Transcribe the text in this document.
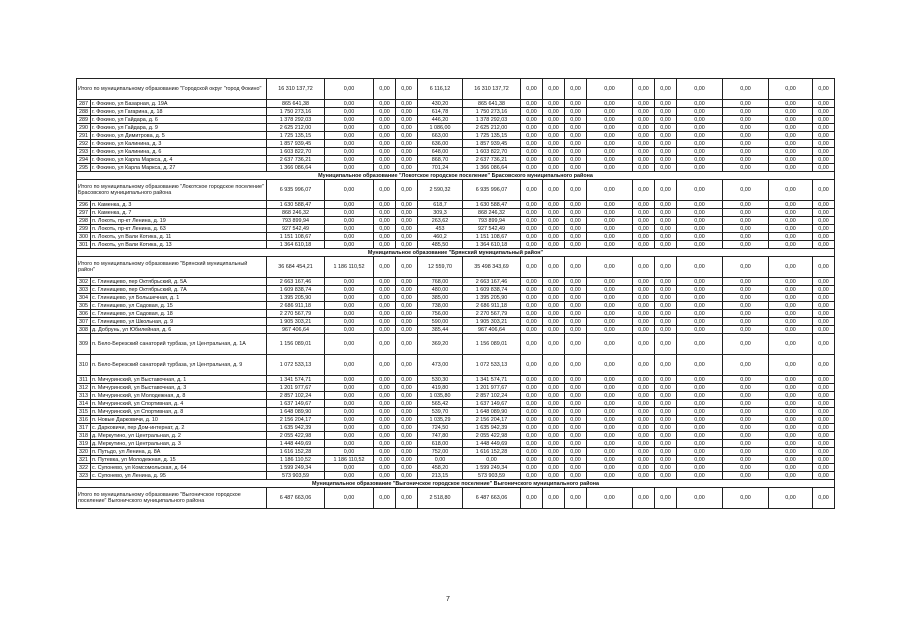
Итого по муниципальному образованию "Городской округ "город Фокино"		16 310 137,72	0,00	0,00	0,00	6 116,12	16 310 137,72	0,00	0,00	0,00	0,00	0,00	0,00	0,00	0,00	0,00	0,00
287	г. Фокино, ул Базарная, д. 19А	865 641,38	0,00	0,00	0,00	430,20	865 641,38	0,00	0,00	0,00	0,00	0,00	0,00	0,00	0,00	0,00	0,00
288	г. Фокино, ул Гагарина, д. 18	1 750 273,16	0,00	0,00	0,00	614,78	1 750 273,16	0,00	0,00	0,00	0,00	0,00	0,00	0,00	0,00	0,00	0,00
289	г. Фокино, ул Гайдара, д. 6	1 378 292,03	0,00	0,00	0,00	446,20	1 378 292,03	0,00	0,00	0,00	0,00	0,00	0,00	0,00	0,00	0,00	0,00
290	г. Фокино, ул Гайдара, д. 9	2 625 212,00	0,00	0,00	0,00	1 086,00	2 625 212,00	0,00	0,00	0,00	0,00	0,00	0,00	0,00	0,00	0,00	0,00
291	г. Фокино, ул Димитрова, д. 5	1 725 135,15	0,00	0,00	0,00	663,00	1 725 135,15	0,00	0,00	0,00	0,00	0,00	0,00	0,00	0,00	0,00	0,00
292	г. Фокино, ул Калинина, д. 3	1 857 939,45	0,00	0,00	0,00	636,00	1 857 939,45	0,00	0,00	0,00	0,00	0,00	0,00	0,00	0,00	0,00	0,00
293	г. Фокино, ул Калинина, д. 6	1 603 822,70	0,00	0,00	0,00	648,00	1 603 822,70	0,00	0,00	0,00	0,00	0,00	0,00	0,00	0,00	0,00	0,00
294	г. Фокино, ул Карла Маркса, д. 4	2 637 736,21	0,00	0,00	0,00	868,70	2 637 736,21	0,00	0,00	0,00	0,00	0,00	0,00	0,00	0,00	0,00	0,00
295	г. Фокино, ул Карла Маркса, д. 27	1 366 086,64	0,00	0,00	0,00	701,24	1 366 086,64	0,00	0,00	0,00	0,00	0,00	0,00	0,00	0,00	0,00	0,00
Муниципальное образование "Локотское городское поселение" Брасовского муниципального района																	
Итого по муниципальному образованию "Локотское городское поселение" Брасовского муниципального района		6 935 996,07	0,00	0,00	0,00	2 590,32	6 935 996,07	0,00	0,00	0,00	0,00	0,00	0,00	0,00	0,00	0,00	0,00
296	п. Каменка, д. 3	1 630 588,47	0,00	0,00	0,00	618,7	1 630 588,47	0,00	0,00	0,00	0,00	0,00	0,00	0,00	0,00	0,00	0,00
297	п. Каменка, д. 7	868 246,32	0,00	0,00	0,00	309,3	868 246,32	0,00	0,00	0,00	0,00	0,00	0,00	0,00	0,00	0,00	0,00
298	п. Локоть, пр-кт Ленина, д. 19	793 899,94	0,00	0,00	0,00	263,62	793 899,94	0,00	0,00	0,00	0,00	0,00	0,00	0,00	0,00	0,00	0,00
299	п. Локоть, пр-кт Ленина, д. 63	927 542,49	0,00	0,00	0,00	453	927 542,49	0,00	0,00	0,00	0,00	0,00	0,00	0,00	0,00	0,00	0,00
300	п. Локоть, ул Вали Котика, д. 11	1 151 108,67	0,00	0,00	0,00	460,2	1 151 108,67	0,00	0,00	0,00	0,00	0,00	0,00	0,00	0,00	0,00	0,00
301	п. Локоть, ул Вали Котика, д. 13	1 364 610,18	0,00	0,00	0,00	485,50	1 364 610,18	0,00	0,00	0,00	0,00	0,00	0,00	0,00	0,00	0,00	0,00
Муниципальное образование "Брянский муниципальный район"																	
Итого по муниципальному образованию "Брянский муниципальный район"		36 684 454,21	1 186 110,52	0,00	0,00	12 559,70	35 498 343,69	0,00	0,00	0,00	0,00	0,00	0,00	0,00	0,00	0,00	0,00
302	с. Глинищево, пер Октябрьский, д. 5А	2 663 167,46	0,00	0,00	0,00	768,00	2 663 167,46	0,00	0,00	0,00	0,00	0,00	0,00	0,00	0,00	0,00	0,00
303	с. Глинищево, пер Октябрьский, д. 7А	1 609 838,74	0,00	0,00	0,00	480,00	1 609 838,74	0,00	0,00	0,00	0,00	0,00	0,00	0,00	0,00	0,00	0,00
304	с. Глинищево, ул Большечная, д. 1	1 395 205,90	0,00	0,00	0,00	385,00	1 395 205,90	0,00	0,00	0,00	0,00	0,00	0,00	0,00	0,00	0,00	0,00
305	с. Глинищево, ул Садовая, д. 15	2 686 911,18	0,00	0,00	0,00	738,00	2 686 911,18	0,00	0,00	0,00	0,00	0,00	0,00	0,00	0,00	0,00	0,00
306	с. Глинищево, ул Садовая, д. 18	2 270 567,79	0,00	0,00	0,00	756,00	2 270 567,79	0,00	0,00	0,00	0,00	0,00	0,00	0,00	0,00	0,00	0,00
307	с. Глинищево, ул Школьная, д. 9	1 905 303,21	0,00	0,00	0,00	590,00	1 905 303,21	0,00	0,00	0,00	0,00	0,00	0,00	0,00	0,00	0,00	0,00
308	д. Добрунь, ул Юбилейная, д. 6	967 406,64	0,00	0,00	0,00	385,44	967 406,64	0,00	0,00	0,00	0,00	0,00	0,00	0,00	0,00	0,00	0,00
309	п. Бело-Березский санаторий турбаза, ул Центральная, д. 1А	1 156 089,01	0,00	0,00	0,00	369,20	1 156 089,01	0,00	0,00	0,00	0,00	0,00	0,00	0,00	0,00	0,00	0,00
310	п. Бело-Березский санаторий турбаза, ул Центральная, д. 9	1 072 533,13	0,00	0,00	0,00	473,00	1 072 533,13	0,00	0,00	0,00	0,00	0,00	0,00	0,00	0,00	0,00	0,00
311	п. Мичуринский, ул Выставочная, д. 1	1 341 574,71	0,00	0,00	0,00	530,30	1 341 574,71	0,00	0,00	0,00	0,00	0,00	0,00	0,00	0,00	0,00	0,00
312	п. Мичуринский, ул Выставочная, д. 3	1 201 977,67	0,00	0,00	0,00	419,80	1 201 977,67	0,00	0,00	0,00	0,00	0,00	0,00	0,00	0,00	0,00	0,00
313	п. Мичуринский, ул Молодежная, д. 8	2 857 102,24	0,00	0,00	0,00	1 035,80	2 857 102,24	0,00	0,00	0,00	0,00	0,00	0,00	0,00	0,00	0,00	0,00
314	п. Мичуринский, ул Спортивная, д. 4	1 637 149,67	0,00	0,00	0,00	565,42	1 637 149,67	0,00	0,00	0,00	0,00	0,00	0,00	0,00	0,00	0,00	0,00
315	п. Мичуринский, ул Спортивная, д. 8	1 648 089,90	0,00	0,00	0,00	539,70	1 648 089,90	0,00	0,00	0,00	0,00	0,00	0,00	0,00	0,00	0,00	0,00
316	п. Новые Дарковичи, д. 10	2 156 204,17	0,00	0,00	0,00	1 035,29	2 156 204,17	0,00	0,00	0,00	0,00	0,00	0,00	0,00	0,00	0,00	0,00
317	с. Дарковичи, пер Дом-интернат, д. 2	1 635 942,39	0,00	0,00	0,00	724,50	1 635 942,39	0,00	0,00	0,00	0,00	0,00	0,00	0,00	0,00	0,00	0,00
318	д. Меркутино, ул Центральная, д. 2	2 055 422,98	0,00	0,00	0,00	747,80	2 055 422,98	0,00	0,00	0,00	0,00	0,00	0,00	0,00	0,00	0,00	0,00
319	д. Меркутино, ул Центральная, д. 3	1 448 449,69	0,00	0,00	0,00	618,00	1 448 449,69	0,00	0,00	0,00	0,00	0,00	0,00	0,00	0,00	0,00	0,00
320	п. Путьдо, ул Ленина, д. 8А	1 616 152,28	0,00	0,00	0,00	752,00	1 616 152,28	0,00	0,00	0,00	0,00	0,00	0,00	0,00	0,00	0,00	0,00
321	п. Путевка, ул Молодежная, д. 15	1 186 110,52	1 186 110,52	0,00	0,00	0,00	0,00	0,00	0,00	0,00	0,00	0,00	0,00	0,00	0,00	0,00	0,00
322	с. Супонево, ул Комсомольская, д. 64	1 599 249,34	0,00	0,00	0,00	458,20	1 599 249,34	0,00	0,00	0,00	0,00	0,00	0,00	0,00	0,00	0,00	0,00
323	с. Супонево, ул Ленина, д. 95	573 903,59	0,00	0,00	0,00	213,15	573 903,59	0,00	0,00	0,00	0,00	0,00	0,00	0,00	0,00	0,00	0,00
Муниципальное образование "Выгоничское городское поселение" Выгоничского муниципального района																	
Итого по муниципальному образованию "Выгоничское городское поселение" Выгоничского муниципального района		6 487 663,06	0,00	0,00	0,00	2 518,80	6 487 663,06	0,00	0,00	0,00	0,00	0,00	0,00	0,00	0,00	0,00	0,00
7
